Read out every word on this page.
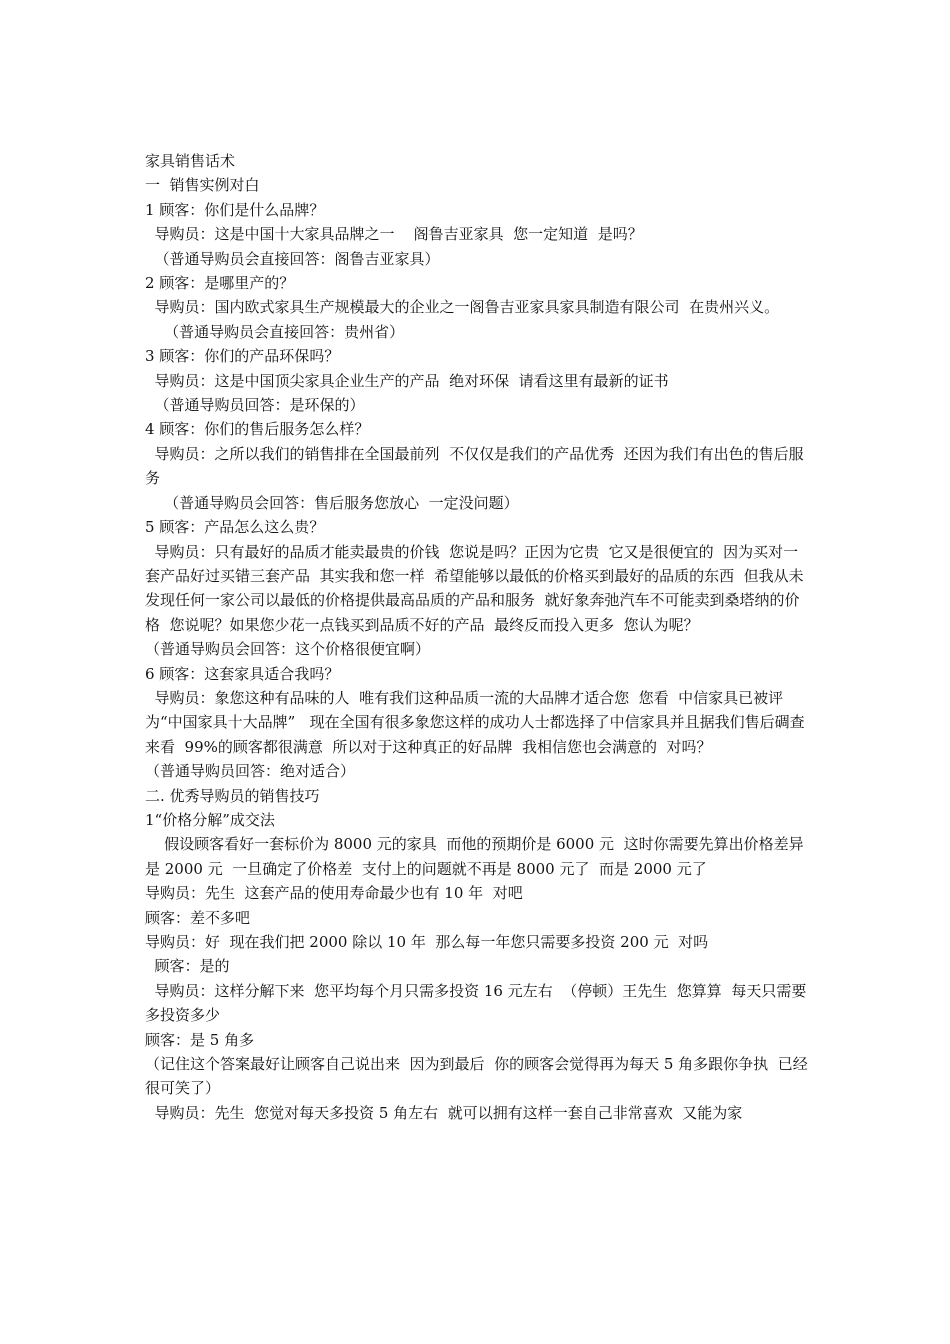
家具销售话术
一  销售实例对白
1 顾客：你们是什么品牌？
导购员：这是中国十大家具品牌之一    阁鲁吉亚家具  您一定知道  是吗？
（普通导购员会直接回答：阁鲁吉亚家具）
2 顾客：是哪里产的？
导购员：国内欧式家具生产规模最大的企业之一阁鲁吉亚家具家具制造有限公司  在贵州兴义。
（普通导购员会直接回答：贵州省）
3 顾客：你们的产品环保吗？
导购员：这是中国顶尖家具企业生产的产品  绝对环保  请看这里有最新的证书
（普通导购员回答：是环保的）
4 顾客：你们的售后服务怎么样？
导购员：之所以我们的销售排在全国最前列  不仅仅是我们的产品优秀  还因为我们有出色的售后服务
（普通导购员会回答：售后服务您放心  一定没问题）
5 顾客：产品怎么这么贵？
导购员：只有最好的品质才能卖最贵的价钱  您说是吗？正因为它贵  它又是很便宜的  因为买对一套产品好过买错三套产品  其实我和您一样  希望能够以最低的价格买到最好的品质的东西  但我从未发现任何一家公司以最低的价格提供最高品质的产品和服务  就好象奔弛汽车不可能卖到桑塔纳的价格  您说呢？如果您少花一点钱买到品质不好的产品  最终反而投入更多  您认为呢？
（普通导购员会回答：这个价格很便宜啊）
6 顾客：这套家具适合我吗？
导购员：象您这种有品味的人  唯有我们这种品质一流的大品牌才适合您  您看  中信家具已被评为“中国家具十大品牌”   现在全国有很多象您这样的成功人士都选择了中信家具并且据我们售后碉查来看  99%的顾客都很满意  所以对于这种真正的好品牌  我相信您也会满意的  对吗？
（普通导购员回答：绝对适合）
二. 优秀导购员的销售技巧
1“价格分解”成交法
假设顾客看好一套标价为 8000 元的家具  而他的预期价是 6000 元  这时你需要先算出价格差异是 2000 元  一旦确定了价格差  支付上的问题就不再是 8000 元了  而是 2000 元了
导购员：先生  这套产品的使用寿命最少也有 10 年  对吧
顾客：差不多吧
导购员：好  现在我们把 2000 除以 10 年  那么每一年您只需要多投资 200 元  对吗
顾客：是的
导购员：这样分解下来  您平均每个月只需多投资 16 元左右  （停顿）王先生  您算算  每天只需要多投资多少
顾客：是 5 角多
（记住这个答案最好让顾客自己说出来  因为到最后  你的顾客会觉得再为每天 5 角多跟你争执  已经很可笑了）
导购员：先生  您觉对每天多投资 5 角左右  就可以拥有这样一套自己非常喜欢  又能为家
